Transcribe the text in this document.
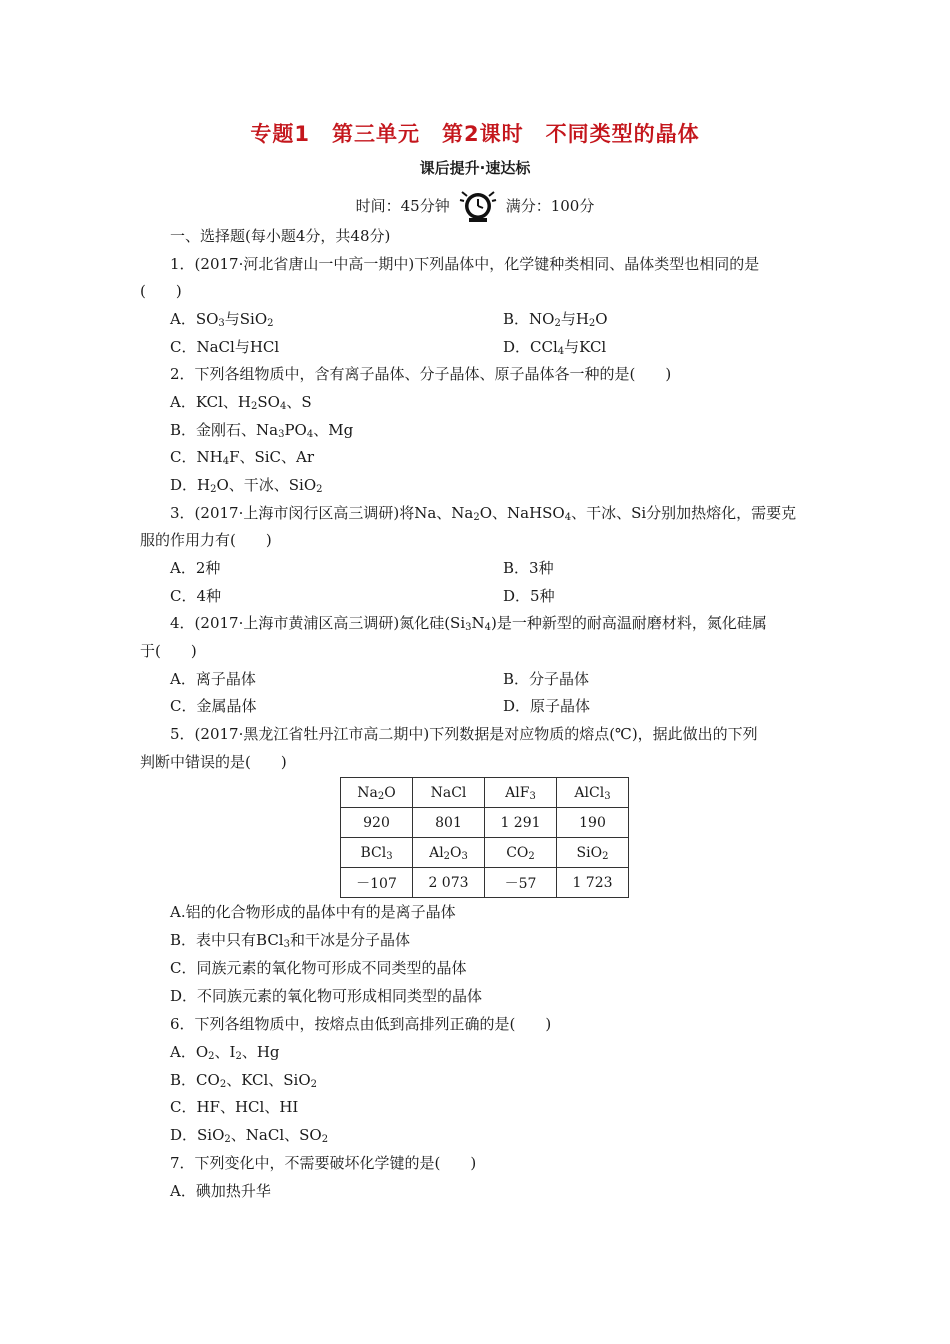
专题1　第三单元　第2课时　不同类型的晶体
课后提升·速达标
时间：45分钟	满分：100分
一、选择题(每小题4分，共48分)
1．(2017·河北省唐山一中高一期中)下列晶体中，化学键种类相同、晶体类型也相同的是
(　　)
A．$SO_3$与SiO$_2$	B．$NO_2$与$H_2O$
C．NaCl与HCl	D．CCl$_4$与KCl
2．下列各组物质中，含有离子晶体、分子晶体、原子晶体各一种的是(　　)
A．KCl、$H_2SO_4$、S
B．金刚石、$Na_3PO_4$、Mg
C．$NH_4F$、SiC、Ar
D．$H_2O$、干冰、SiO$_2$
3．(2017·上海市闵行区高三调研)将Na、$Na_2O$、NaHSO$_4$、干冰、Si分别加热熔化，需要克
服的作用力有(　　)
A．2种	B．3种
C．4种	D．5种
4．(2017·上海市黄浦区高三调研)氮化硅$(Si_3N_4)$是一种新型的耐高温耐磨材料，氮化硅属
于(　　)
A．离子晶体	B．分子晶体
C．金属晶体	D．原子晶体
5．(2017·黑龙江省牡丹江市高二期中)下列数据是对应物质的熔点(℃)，据此做出的下列
判断中错误的是(　　)
$Na_2O$	NaCl	AlF$_3$	AlCl$_3$
920	801	1 291	190
BCl$_3$	$Al_2O_3$	$CO_2$	SiO$_2$
－107	2 073	－57	1 723
A.铝的化合物形成的晶体中有的是离子晶体
B．表中只有BCl$_3$和干冰是分子晶体
C．同族元素的氧化物可形成不同类型的晶体
D．不同族元素的氧化物可形成相同类型的晶体
6．下列各组物质中，按熔点由低到高排列正确的是(　　)
A．$O_2$、$I_2$、Hg
B．$CO_2$、KCl、SiO$_2$
C．HF、HCl、HI
D．SiO$_2$、NaCl、$SO_2$
7．下列变化中，不需要破坏化学键的是(　　)
A．碘加热升华
